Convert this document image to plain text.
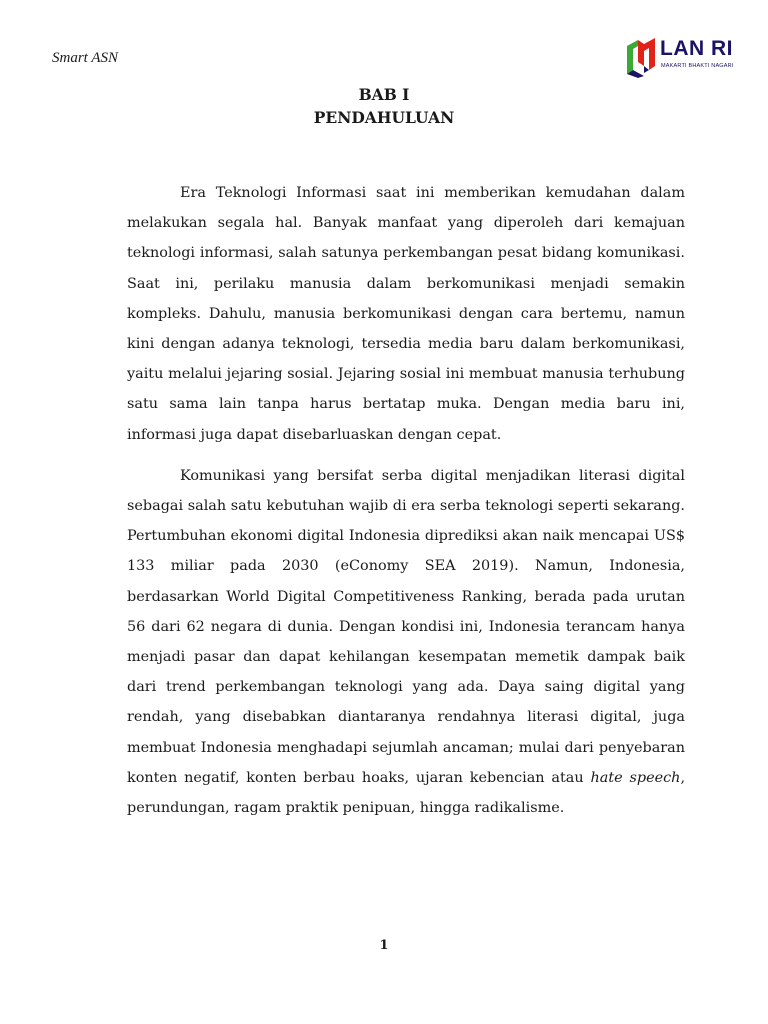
Smart ASN	LAN RI
MAKARTI BHAKTI NAGARI
BAB I
PENDAHULUAN

Era Teknologi Informasi saat ini memberikan kemudahan dalam melakukan segala hal. Banyak manfaat yang diperoleh dari kemajuan teknologi informasi, salah satunya perkembangan pesat bidang komunikasi. Saat ini, perilaku manusia dalam berkomunikasi menjadi semakin kompleks. Dahulu, manusia berkomunikasi dengan cara bertemu, namun kini dengan adanya teknologi, tersedia media baru dalam berkomunikasi, yaitu melalui jejaring sosial. Jejaring sosial ini membuat manusia terhubung satu sama lain tanpa harus bertatap muka. Dengan media baru ini, informasi juga dapat disebarluaskan dengan cepat.

Komunikasi yang bersifat serba digital menjadikan literasi digital sebagai salah satu kebutuhan wajib di era serba teknologi seperti sekarang. Pertumbuhan ekonomi digital Indonesia diprediksi akan naik mencapai US$ 133 miliar pada 2030 (eConomy SEA 2019). Namun, Indonesia, berdasarkan World Digital Competitiveness Ranking, berada pada urutan 56 dari 62 negara di dunia. Dengan kondisi ini, Indonesia terancam hanya menjadi pasar dan dapat kehilangan kesempatan memetik dampak baik dari trend perkembangan teknologi yang ada. Daya saing digital yang rendah, yang disebabkan diantaranya rendahnya literasi digital, juga membuat Indonesia menghadapi sejumlah ancaman; mulai dari penyebaran konten negatif, konten berbau hoaks, ujaran kebencian atau hate speech, perundungan, ragam praktik penipuan, hingga radikalisme.

1
